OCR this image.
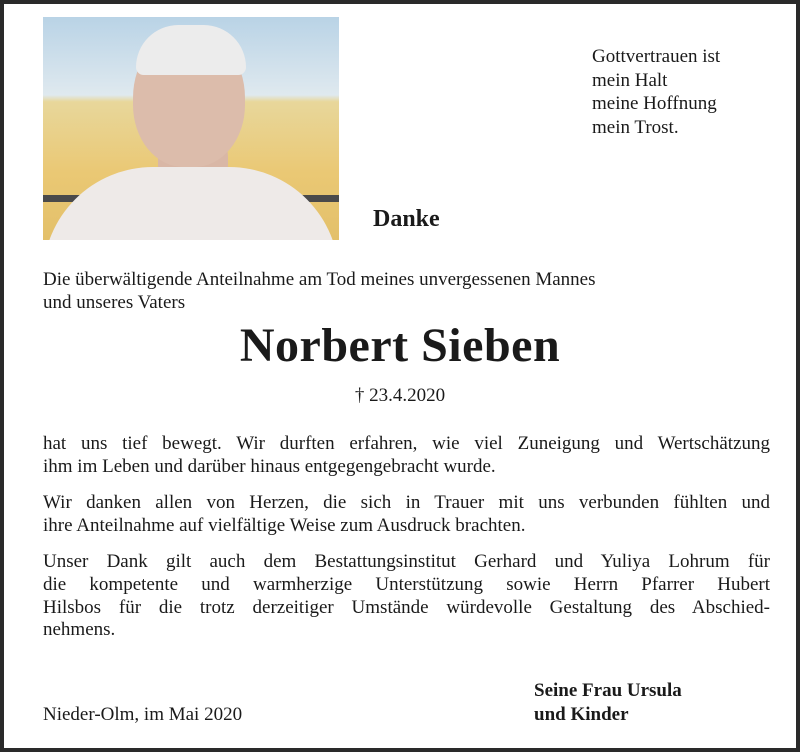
Gottvertrauen ist
mein Halt
meine Hoffnung
mein Trost.
Danke
Die überwältigende Anteilnahme am Tod meines unvergessenen Mannes
und unseres Vaters
Norbert Sieben
† 23.4.2020

hat uns tief bewegt. Wir durften erfahren, wie viel Zuneigung und Wertschätzung
ihm im Leben und darüber hinaus entgegengebracht wurde.

Wir danken allen von Herzen, die sich in Trauer mit uns verbunden fühlten und
ihre Anteilnahme auf vielfältige Weise zum Ausdruck brachten.

Unser Dank gilt auch dem Bestattungsinstitut Gerhard und Yuliya Lohrum für
die kompetente und warmherzige Unterstützung sowie Herrn Pfarrer Hubert
Hilsbos für die trotz derzeitiger Umstände würdevolle Gestaltung des Abschied-
nehmens.

Nieder-Olm, im Mai 2020
Seine Frau Ursula
und Kinder
